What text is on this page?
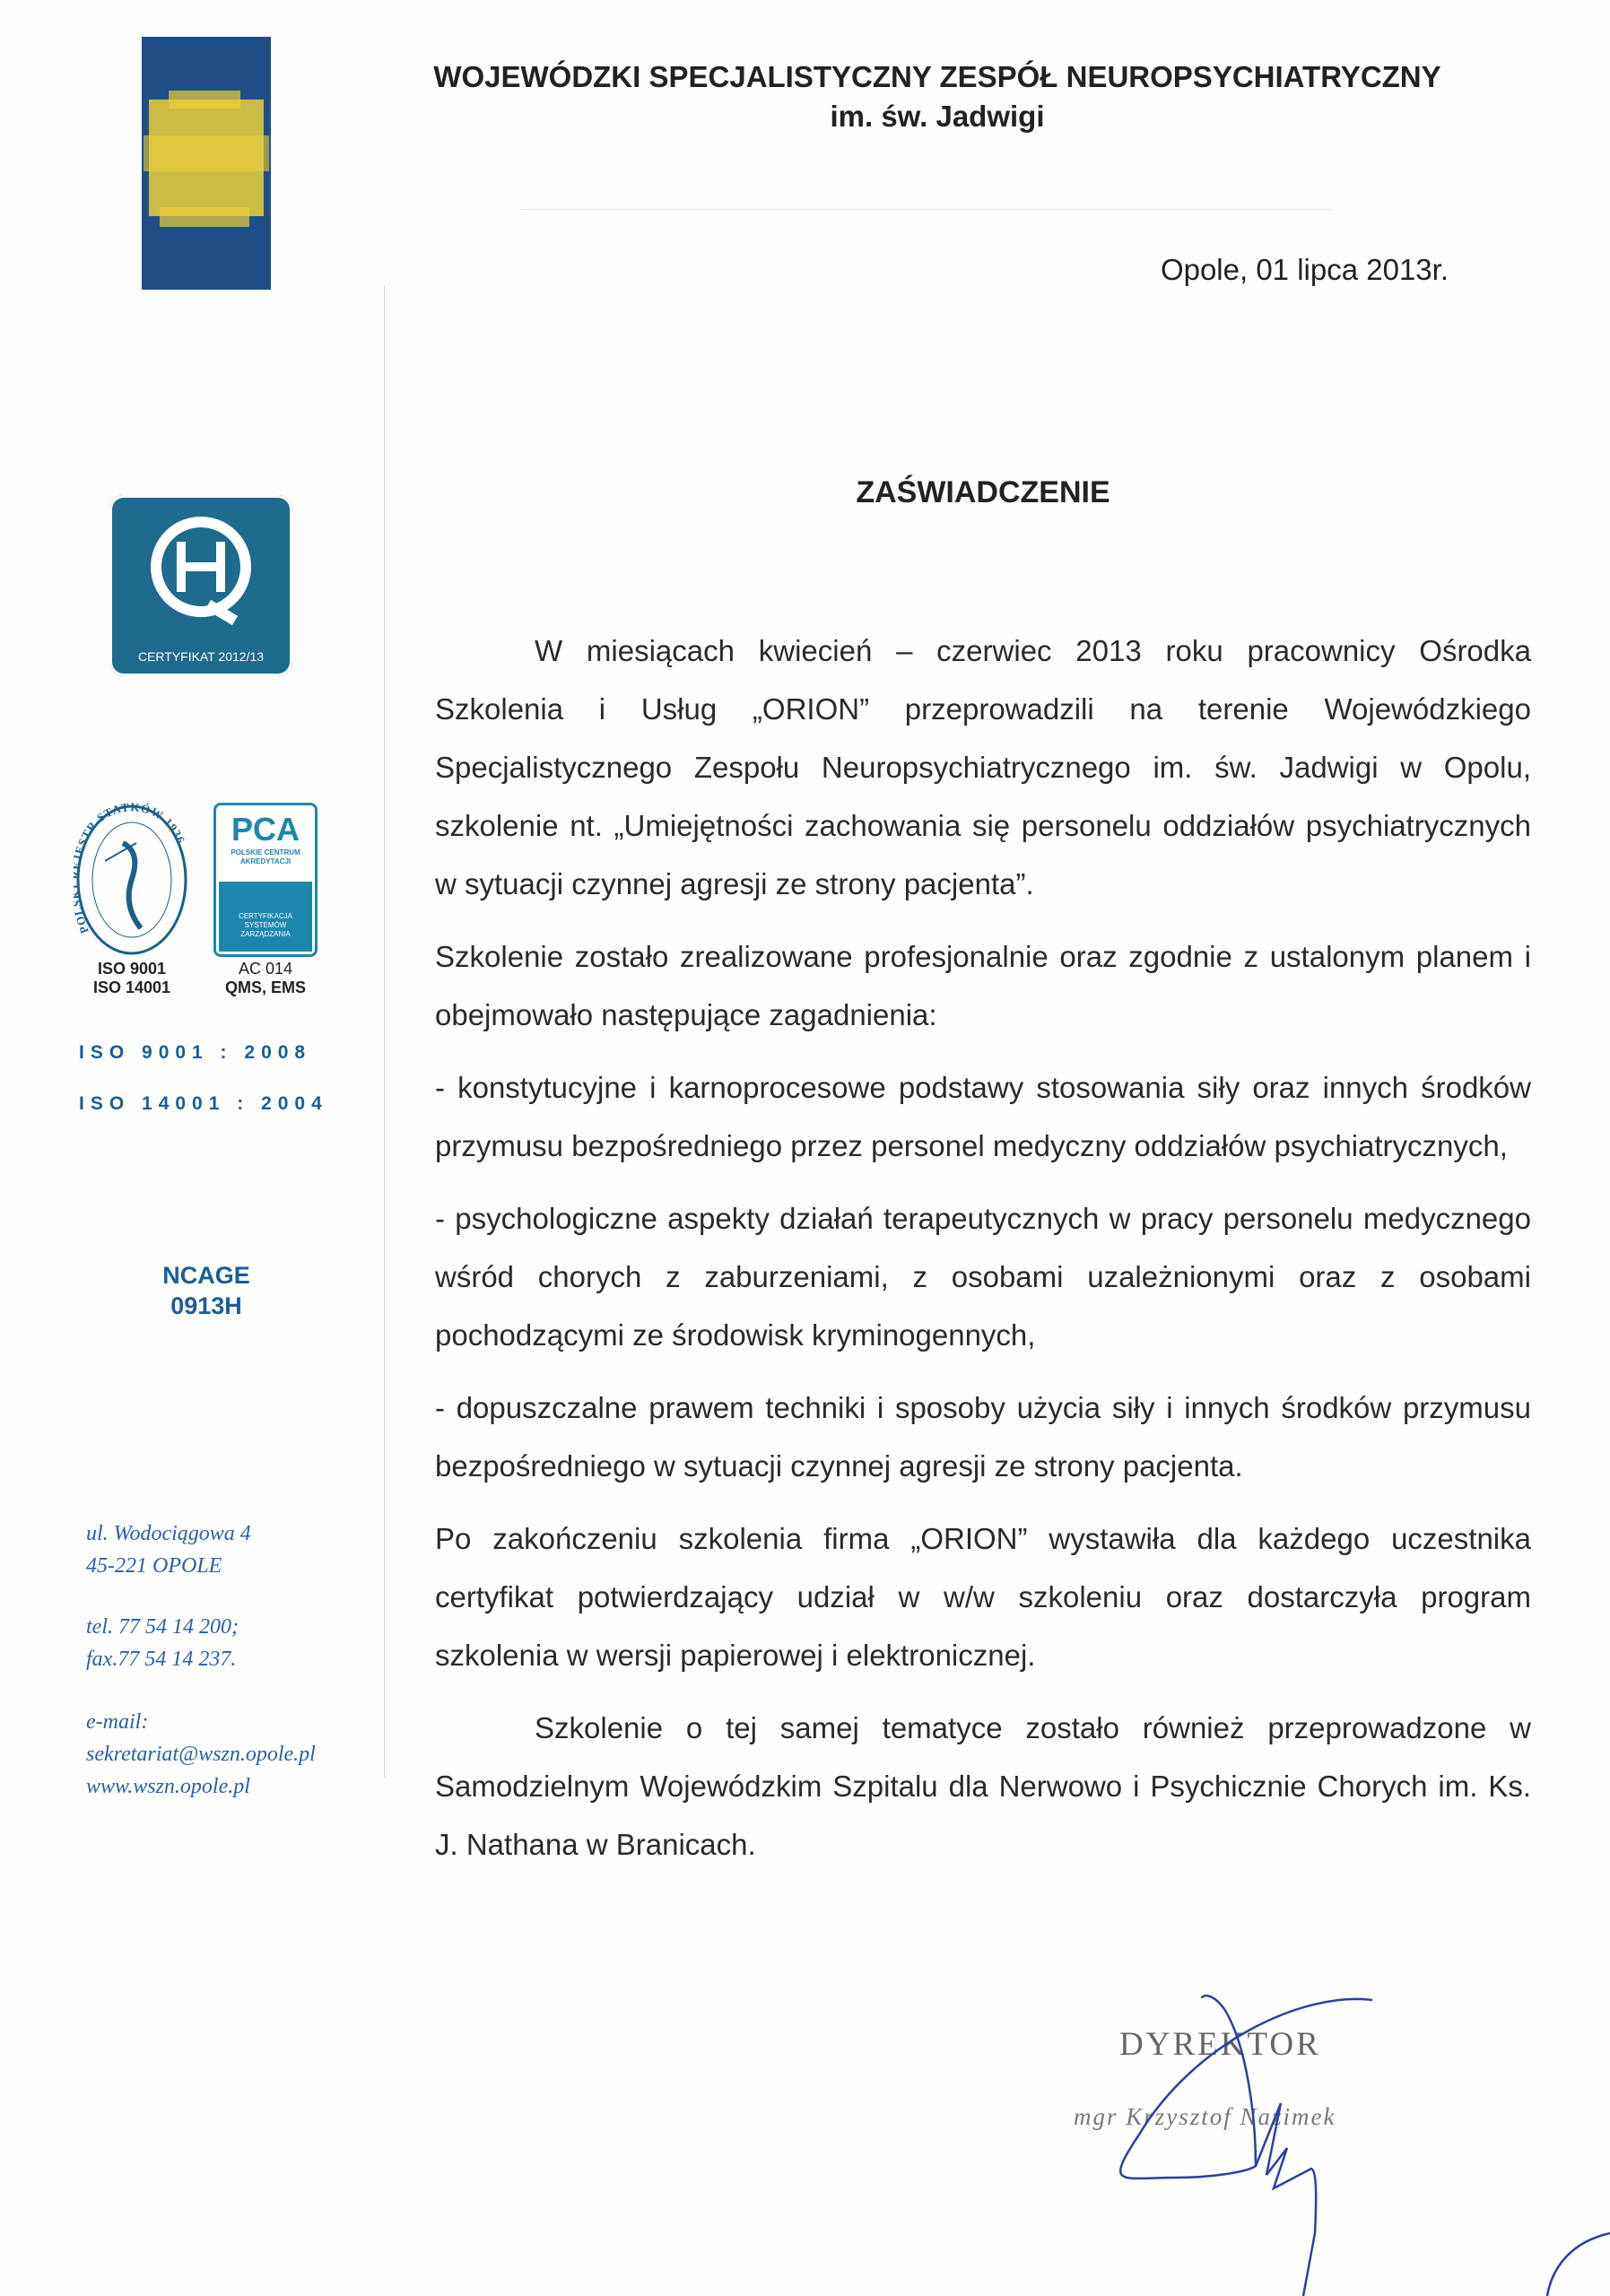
WOJEWÓDZKI SPECJALISTYCZNY ZESPÓŁ NEUROPSYCHIATRYCZNY
im. św. Jadwigi
Opole, 01 lipca 2013r.
CERTYFIKAT 2012/13
PO STR STATKÓW 1936	PCA
POLSKIE CENTRUM
AKREDYTACJI
CERTYFIKACJA SYSTEMÓW ZARZĄDZANIA
ISO 9001
ISO 14001
AC 014
QMS, EMS
ISO 9001 : 2008
ISO 14001 : 2004
NCAGE
0913H
ul. Wodociągowa 4
45-221 OPOLE
tel. 77 54 14 200;
fax.77 54 14 237.
e-mail:
sekretariat@wszn.opole.pl
www.wszn.opole.pl
ZAŚWIADCZENIE

W miesiącach kwiecień – czerwiec 2013 roku pracownicy Ośrodka Szkolenia i Usług „ORION” przeprowadzili na terenie Wojewódzkiego Specjalistycznego Zespołu Neuropsychiatrycznego im. św. Jadwigi w Opolu, szkolenie nt. „Umiejętności zachowania się personelu oddziałów psychiatrycznych w sytuacji czynnej agresji ze strony pacjenta”.

Szkolenie zostało zrealizowane profesjonalnie oraz zgodnie z ustalonym planem i obejmowało następujące zagadnienia:

- konstytucyjne i karnoprocesowe podstawy stosowania siły oraz innych środków przymusu bezpośredniego przez personel medyczny oddziałów psychiatrycznych,

- psychologiczne aspekty działań terapeutycznych w pracy personelu medycznego wśród chorych z zaburzeniami, z osobami uzależnionymi oraz z osobami pochodzącymi ze środowisk kryminogennych,

- dopuszczalne prawem techniki i sposoby użycia siły i innych środków przymusu bezpośredniego w sytuacji czynnej agresji ze strony pacjenta.

Po zakończeniu szkolenia firma „ORION” wystawiła dla każdego uczestnika certyfikat potwierdzający udział w w/w szkoleniu oraz dostarczyła program szkolenia w wersji papierowej i elektronicznej.

Szkolenie o tej samej tematyce zostało również przeprowadzone w Samodzielnym Wojewódzkim Szpitalu dla Nerwowo i Psychicznie Chorych im. Ks. J. Nathana w Branicach.

DYREKTOR
mgr Krzysztof Nazimek
